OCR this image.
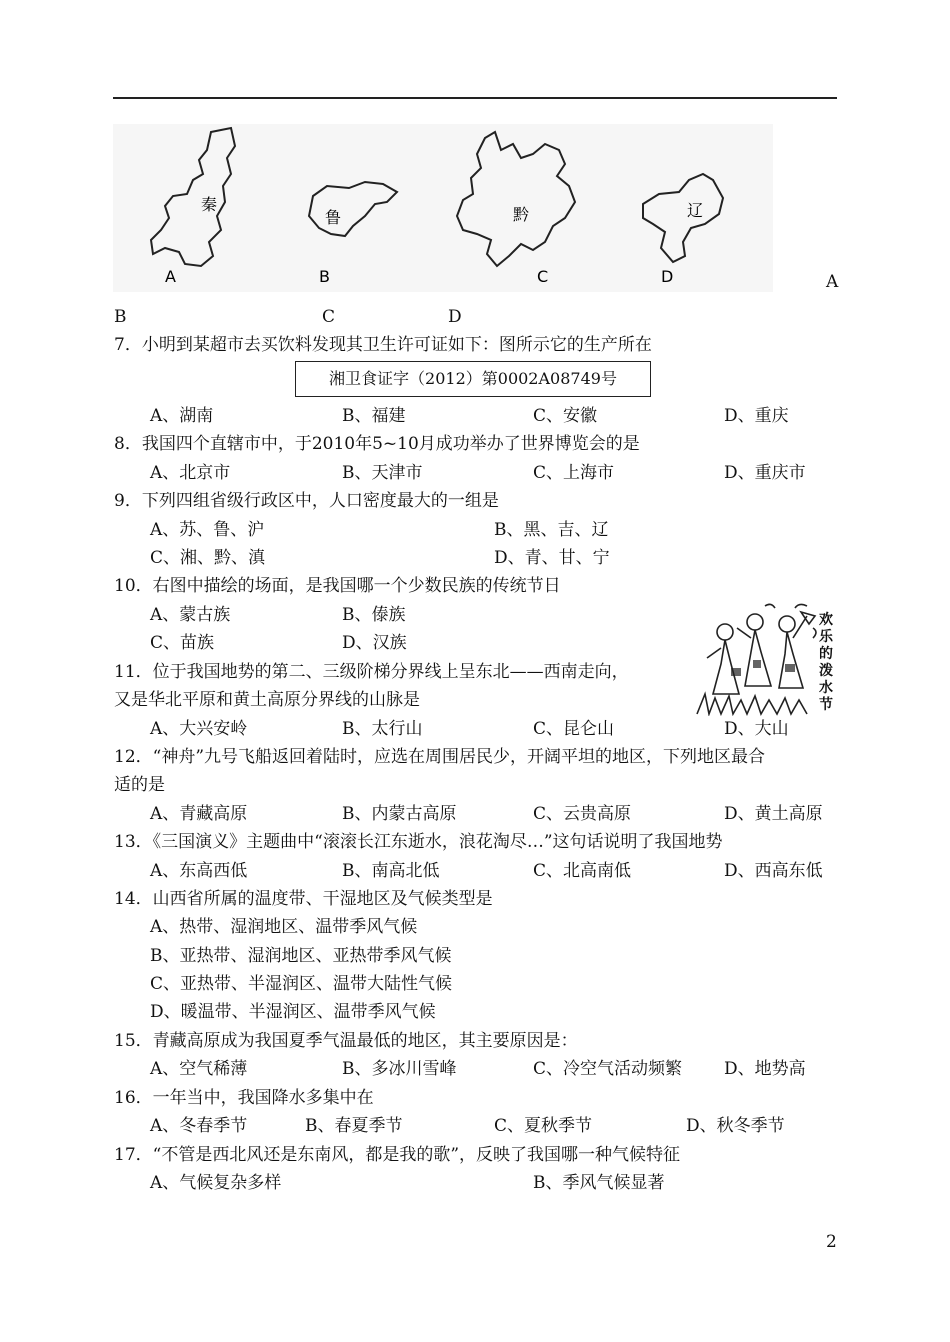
秦
A
鲁
B
黔
C
辽
D	A
B	C	D
7．小明到某超市去买饮料发现其卫生许可证如下：图所示它的生产所在
湘卫食证字（2012）第0002A08749号
A、湖南	B、福建	C、安徽	D、重庆
8．我国四个直辖市中，于2010年5~10月成功举办了世界博览会的是
A、北京市	B、天津市	C、上海市	D、重庆市
9．下列四组省级行政区中，人口密度最大的一组是
A、苏、鲁、沪	B、黑、吉、辽
C、湘、黔、滇	D、青、甘、宁
10．右图中描绘的场面，是我国哪一个少数民族的传统节日
A、蒙古族	B、傣族
C、苗族	D、汉族
欢
乐
的
泼
水
节
11．位于我国地势的第二、三级阶梯分界线上呈东北——西南走向，
又是华北平原和黄土高原分界线的山脉是
A、大兴安岭	B、太行山	C、昆仑山	D、大山
12．“神舟”九号飞船返回着陆时，应选在周围居民少，开阔平坦的地区，下列地区最合
适的是
A、青藏高原	B、内蒙古高原	C、云贵高原	D、黄土高原
13．《三国演义》主题曲中“滚滚长江东逝水，浪花淘尽…”这句话说明了我国地势
A、东高西低	B、南高北低	C、北高南低	D、西高东低
14．山西省所属的温度带、干湿地区及气候类型是
A、热带、湿润地区、温带季风气候
B、亚热带、湿润地区、亚热带季风气候
C、亚热带、半湿润区、温带大陆性气候
D、暖温带、半湿润区、温带季风气候
15．青藏高原成为我国夏季气温最低的地区，其主要原因是：
A、空气稀薄	B、多冰川雪峰	C、冷空气活动频繁 D、地势高
16．一年当中，我国降水多集中在
A、冬春季节	B、春夏季节	C、夏秋季节	D、秋冬季节
17．“不管是西北风还是东南风，都是我的歌”，反映了我国哪一种气候特征
A、气候复杂多样	B、季风气候显著
2
